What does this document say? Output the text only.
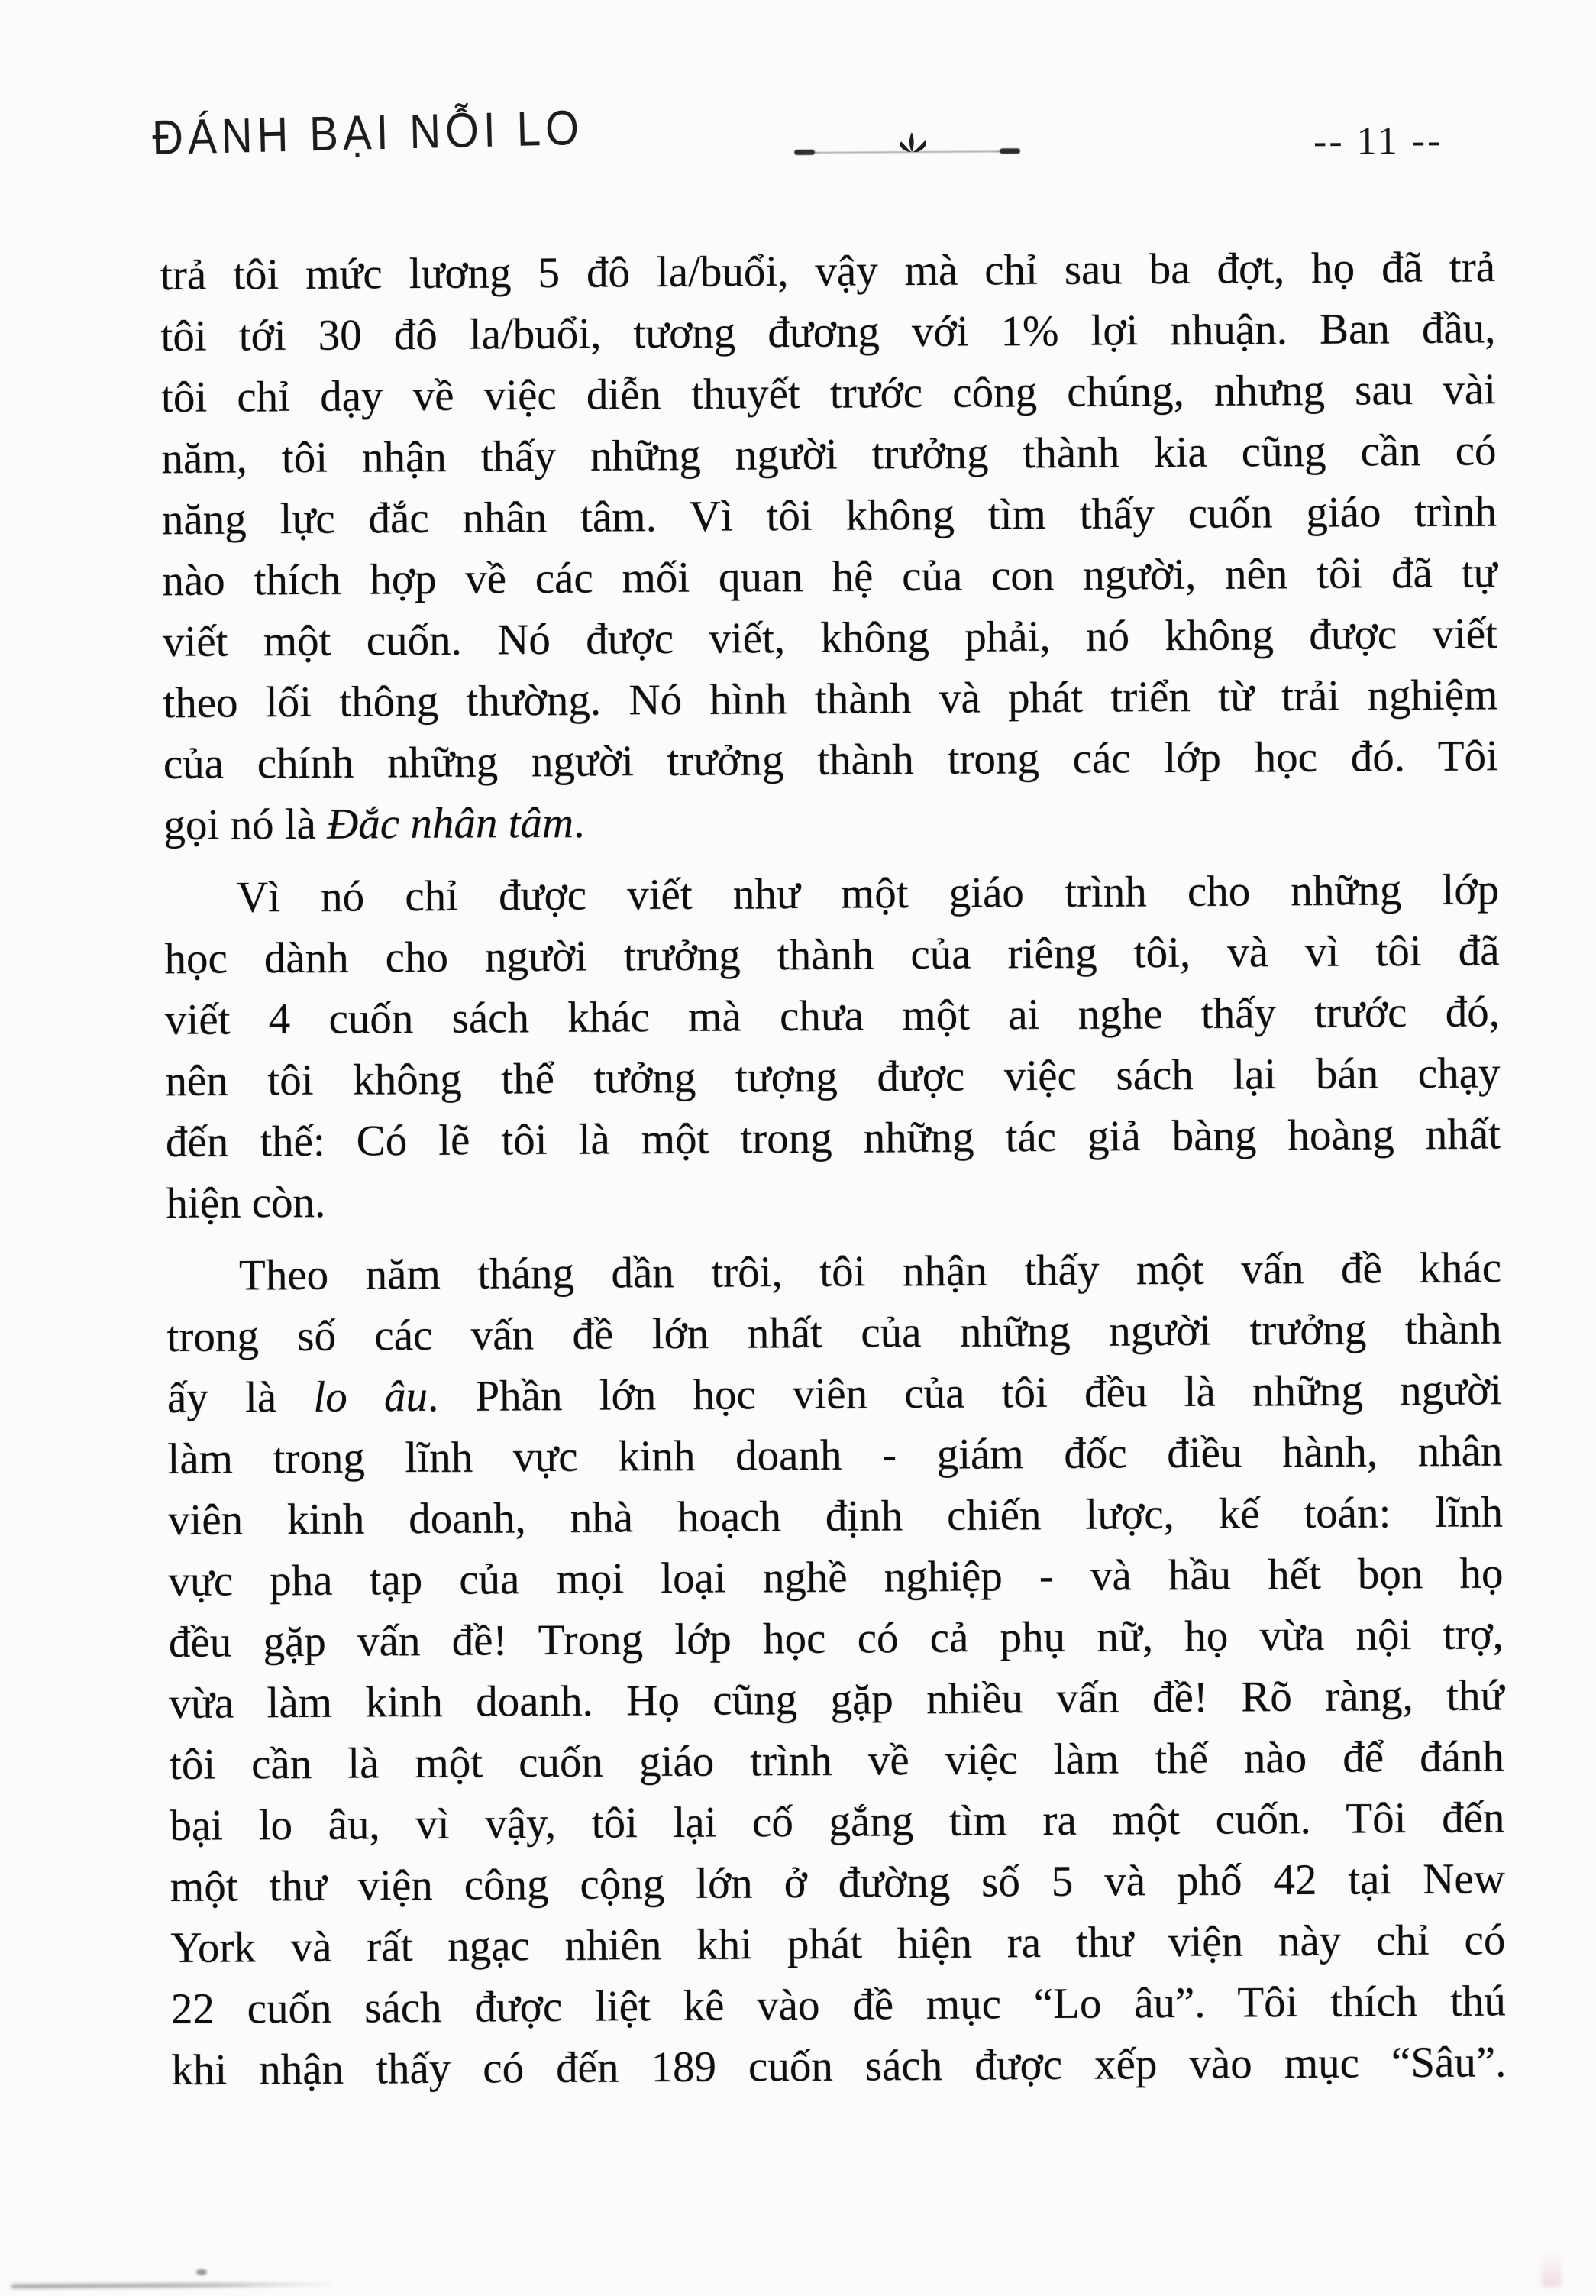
ĐÁNH BẠI NỖI LO	-- 11 --
trả tôi mức lương 5 đô la/buổi, vậy mà chỉ sau ba đợt, họ đã trả
tôi tới 30 đô la/buổi, tương đương với 1% lợi nhuận. Ban đầu,
tôi chỉ dạy về việc diễn thuyết trước công chúng, nhưng sau vài
năm, tôi nhận thấy những người trưởng thành kia cũng cần có
năng lực đắc nhân tâm. Vì tôi không tìm thấy cuốn giáo trình
nào thích hợp về các mối quan hệ của con người, nên tôi đã tự
viết một cuốn. Nó được viết, không phải, nó không được viết
theo lối thông thường. Nó hình thành và phát triển từ trải nghiệm
của chính những người trưởng thành trong các lớp học đó. Tôi
gọi nó là Đắc nhân tâm.
Vì nó chỉ được viết như một giáo trình cho những lớp
học dành cho người trưởng thành của riêng tôi, và vì tôi đã
viết 4 cuốn sách khác mà chưa một ai nghe thấy trước đó,
nên tôi không thể tưởng tượng được việc sách lại bán chạy
đến thế: Có lẽ tôi là một trong những tác giả bàng hoàng nhất
hiện còn.
Theo năm tháng dần trôi, tôi nhận thấy một vấn đề khác
trong số các vấn đề lớn nhất của những người trưởng thành
ấy là lo âu. Phần lớn học viên của tôi đều là những người
làm trong lĩnh vực kinh doanh - giám đốc điều hành, nhân
viên kinh doanh, nhà hoạch định chiến lược, kế toán: lĩnh
vực pha tạp của mọi loại nghề nghiệp - và hầu hết bọn họ
đều gặp vấn đề! Trong lớp học có cả phụ nữ, họ vừa nội trợ,
vừa làm kinh doanh. Họ cũng gặp nhiều vấn đề! Rõ ràng, thứ
tôi cần là một cuốn giáo trình về việc làm thế nào để đánh
bại lo âu, vì vậy, tôi lại cố gắng tìm ra một cuốn. Tôi đến
một thư viện công cộng lớn ở đường số 5 và phố 42 tại New
York và rất ngạc nhiên khi phát hiện ra thư viện này chỉ có
22 cuốn sách được liệt kê vào đề mục “Lo âu”. Tôi thích thú
khi nhận thấy có đến 189 cuốn sách được xếp vào mục “Sâu”.
